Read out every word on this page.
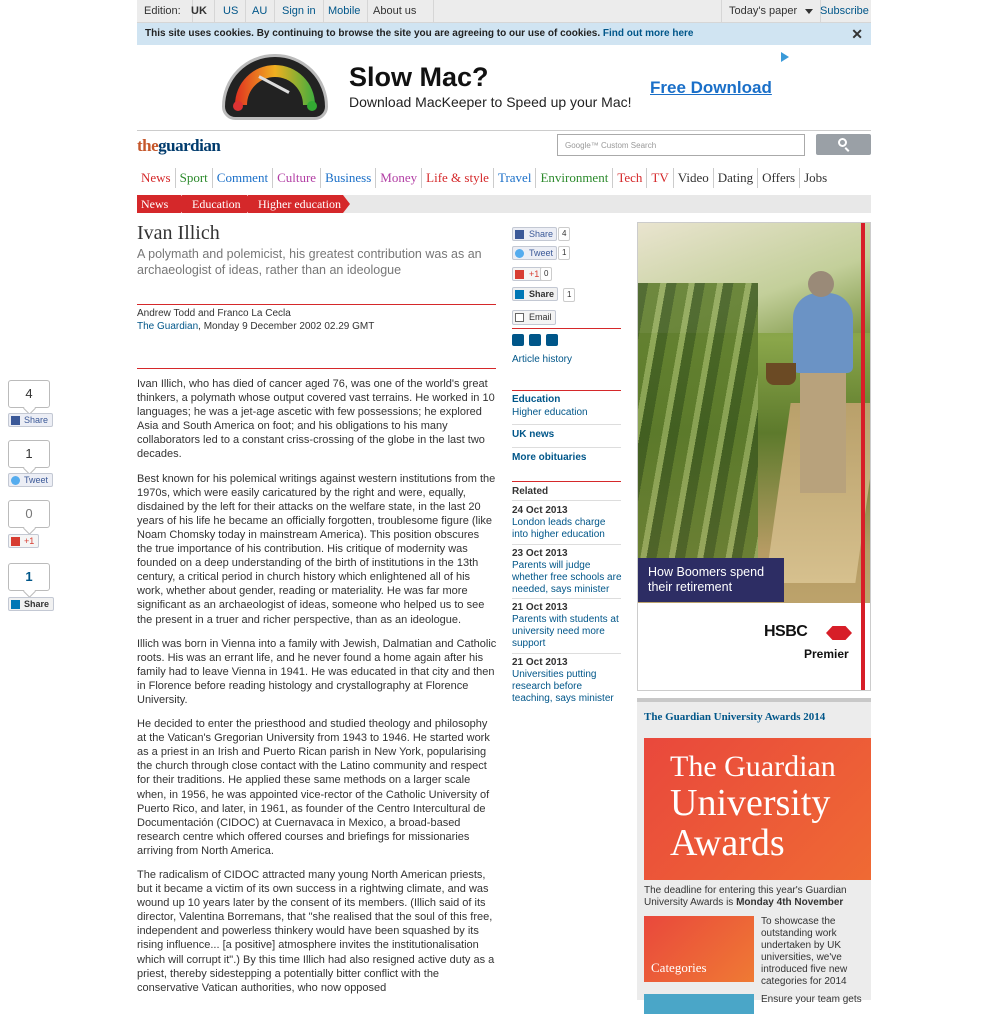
Edition: UK	US	AU	Sign in	Mobile	About us	Today's paper	Subscribe
This site uses cookies. By continuing to browse the site you are agreeing to our use of cookies. Find out more here	✕
Slow Mac?
Download MacKeeper to Speed up your Mac!
Free Download
theguardian	Google™ Custom Search
News Sport Comment Culture Business Money Life & style Travel Environment Tech TV Video Dating Offers Jobs
News	Education	Higher education
Ivan Illich
A polymath and polemicist, his greatest contribution was as an archaeologist of ideas, rather than an ideologue
Andrew Todd and Franco La Cecla
The Guardian, Monday 9 December 2002 02.29 GMT

Ivan Illich, who has died of cancer aged 76, was one of the world's great thinkers, a polymath whose output covered vast terrains. He worked in 10 languages; he was a jet-age ascetic with few possessions; he explored Asia and South America on foot; and his obligations to his many collaborators led to a constant criss-crossing of the globe in the last two decades.

Best known for his polemical writings against western institutions from the 1970s, which were easily caricatured by the right and were, equally, disdained by the left for their attacks on the welfare state, in the last 20 years of his life he became an officially forgotten, troublesome figure (like Noam Chomsky today in mainstream America). This position obscures the true importance of his contribution. His critique of modernity was founded on a deep understanding of the birth of institutions in the 13th century, a critical period in church history which enlightened all of his work, whether about gender, reading or materiality. He was far more significant as an archaeologist of ideas, someone who helped us to see the present in a truer and richer perspective, than as an ideologue.

Illich was born in Vienna into a family with Jewish, Dalmatian and Catholic roots. His was an errant life, and he never found a home again after his family had to leave Vienna in 1941. He was educated in that city and then in Florence before reading histology and crystallography at Florence University.

He decided to enter the priesthood and studied theology and philosophy at the Vatican's Gregorian University from 1943 to 1946. He started work as a priest in an Irish and Puerto Rican parish in New York, popularising the church through close contact with the Latino community and respect for their traditions. He applied these same methods on a larger scale when, in 1956, he was appointed vice-rector of the Catholic University of Puerto Rico, and later, in 1961, as founder of the Centro Intercultural de Documentación (CIDOC) at Cuernavaca in Mexico, a broad-based research centre which offered courses and briefings for missionaries arriving from North America.

The radicalism of CIDOC attracted many young North American priests, but it became a victim of its own success in a rightwing climate, and was wound up 10 years later by the consent of its members. (Illich said of its director, Valentina Borremans, that "she realised that the soul of this free, independent and powerless thinkery would have been squashed by its rising influence... [a positive] atmosphere invites the institutionalisation which will corrupt it".) By this time Illich had also resigned active duty as a priest, thereby sidestepping a potentially bitter conflict with the conservative Vatican authorities, who now opposed

Share	4
Tweet	1
+1 0
Share	1
Email
Article history
Education
Higher education
UK news
More obituaries
Related
24 Oct 2013
London leads charge into higher education
23 Oct 2013
Parents will judge whether free schools are needed, says minister
21 Oct 2013
Parents with students at university need more support
21 Oct 2013
Universities putting research before teaching, says minister
4
Share
1
Tweet
0
+1
1
Share
How Boomers spend their retirement
HSBC
Premier
The Guardian University Awards 2014
The Guardian
University
Awards
The deadline for entering this year's Guardian University Awards is Monday 4th November
Categories
To showcase the outstanding work undertaken by UK universities, we've introduced five new categories for 2014
Ensure your team gets
